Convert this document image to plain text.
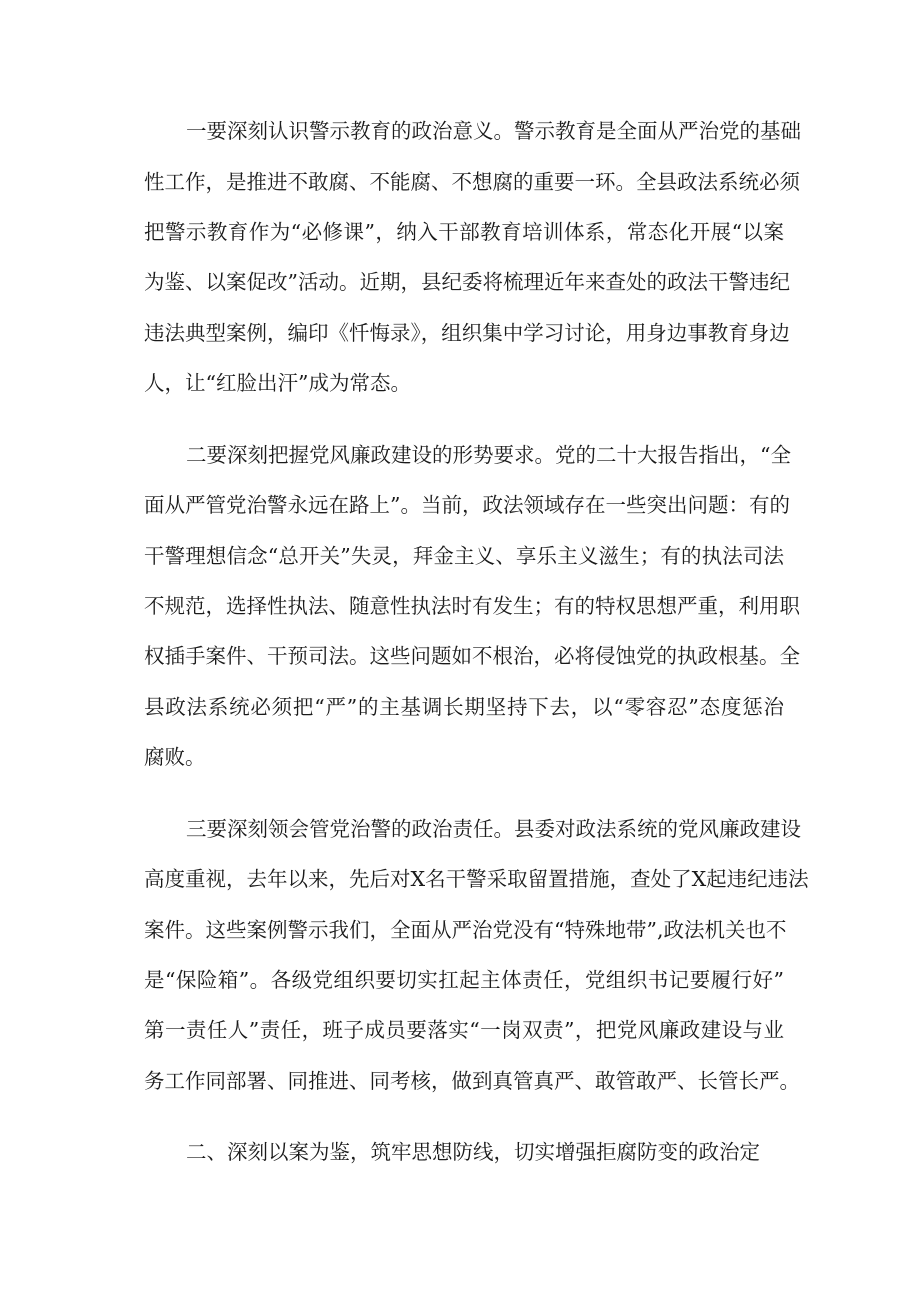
一要深刻认识警示教育的政治意义。警示教育是全面从严治党的基础
性工作，是推进不敢腐、不能腐、不想腐的重要一环。全县政法系统必须
把警示教育作为“必修课”，纳入干部教育培训体系，常态化开展“以案
为鉴、以案促改”活动。近期，县纪委将梳理近年来查处的政法干警违纪
违法典型案例，编印《忏悔录》，组织集中学习讨论，用身边事教育身边
人，让“红脸出汗”成为常态。
二要深刻把握党风廉政建设的形势要求。党的二十大报告指出，“全
面从严管党治警永远在路上”。当前，政法领域存在一些突出问题：有的
干警理想信念“总开关”失灵，拜金主义、享乐主义滋生；有的执法司法
不规范，选择性执法、随意性执法时有发生；有的特权思想严重，利用职
权插手案件、干预司法。这些问题如不根治，必将侵蚀党的执政根基。全
县政法系统必须把“严”的主基调长期坚持下去，以“零容忍”态度惩治
腐败。
三要深刻领会管党治警的政治责任。县委对政法系统的党风廉政建设
高度重视，去年以来，先后对X名干警采取留置措施，查处了X起违纪违法
案件。这些案例警示我们，全面从严治党没有“特殊地带”,政法机关也不
是“保险箱”。各级党组织要切实扛起主体责任，党组织书记要履行好”
第一责任人”责任，班子成员要落实“一岗双责”，把党风廉政建设与业
务工作同部署、同推进、同考核，做到真管真严、敢管敢严、长管长严。
二、深刻以案为鉴，筑牢思想防线，切实增强拒腐防变的政治定
